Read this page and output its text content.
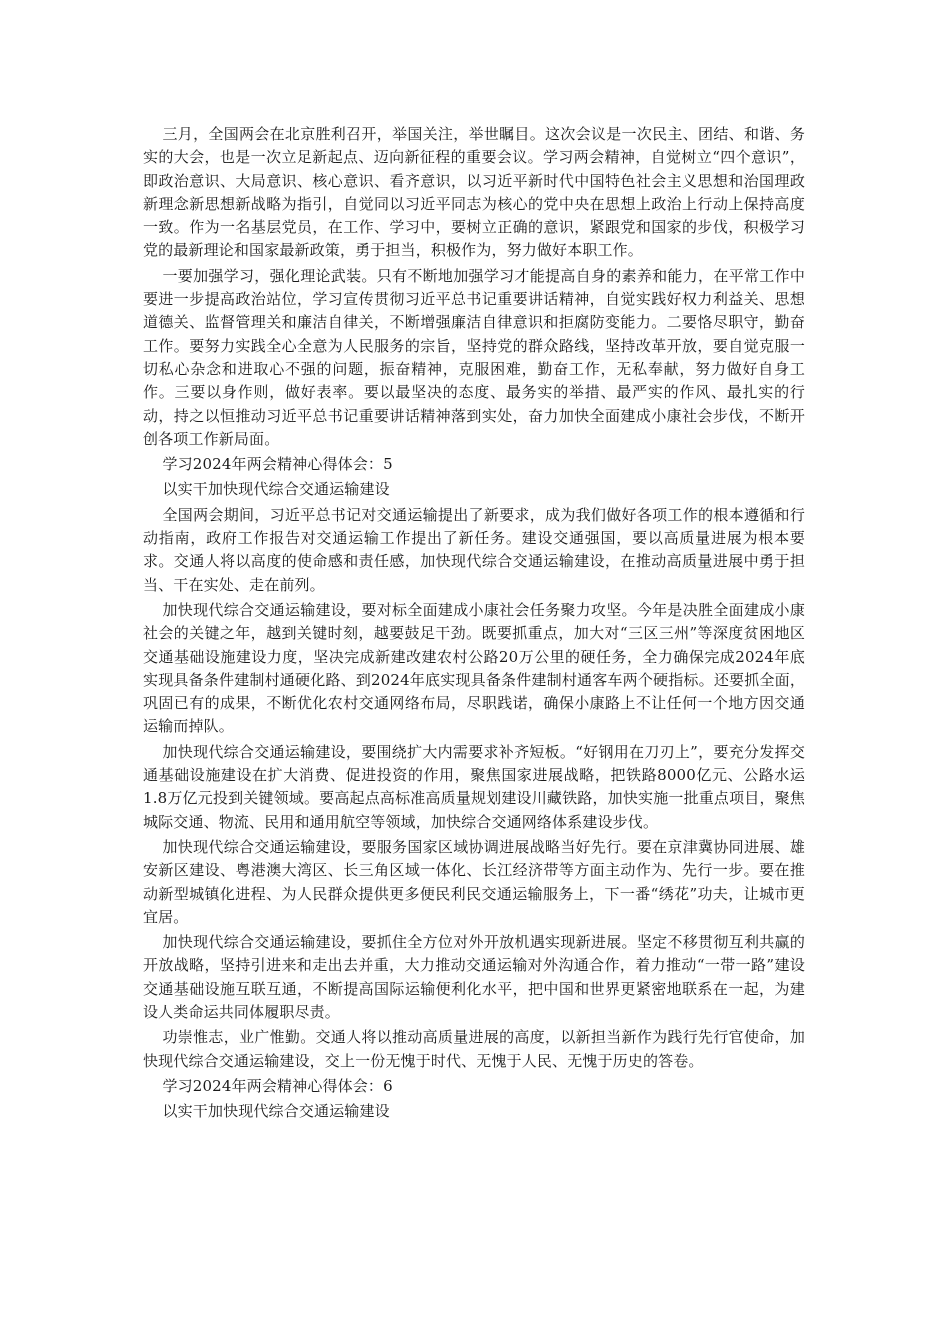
三月，全国两会在北京胜利召开，举国关注，举世瞩目。这次会议是一次民主、团结、和谐、务实的大会，也是一次立足新起点、迈向新征程的重要会议。学习两会精神，自觉树立“四个意识”，即政治意识、大局意识、核心意识、看齐意识，以习近平新时代中国特色社会主义思想和治国理政新理念新思想新战略为指引，自觉同以习近平同志为核心的党中央在思想上政治上行动上保持高度一致。作为一名基层党员，在工作、学习中，要树立正确的意识，紧跟党和国家的步伐，积极学习党的最新理论和国家最新政策，勇于担当，积极作为，努力做好本职工作。

一要加强学习，强化理论武装。只有不断地加强学习才能提高自身的素养和能力，在平常工作中要进一步提高政治站位，学习宣传贯彻习近平总书记重要讲话精神，自觉实践好权力利益关、思想道德关、监督管理关和廉洁自律关，不断增强廉洁自律意识和拒腐防变能力。二要恪尽职守，勤奋工作。要努力实践全心全意为人民服务的宗旨，坚持党的群众路线，坚持改革开放，要自觉克服一切私心杂念和进取心不强的问题，振奋精神，克服困难，勤奋工作，无私奉献，努力做好自身工作。三要以身作则，做好表率。要以最坚决的态度、最务实的举措、最严实的作风、最扎实的行动，持之以恒推动习近平总书记重要讲话精神落到实处，奋力加快全面建成小康社会步伐，不断开创各项工作新局面。

学习2024年两会精神心得体会：5

以实干加快现代综合交通运输建设

全国两会期间，习近平总书记对交通运输提出了新要求，成为我们做好各项工作的根本遵循和行动指南，政府工作报告对交通运输工作提出了新任务。建设交通强国，要以高质量进展为根本要求。交通人将以高度的使命感和责任感，加快现代综合交通运输建设，在推动高质量进展中勇于担当、干在实处、走在前列。

加快现代综合交通运输建设，要对标全面建成小康社会任务聚力攻坚。今年是决胜全面建成小康社会的关键之年，越到关键时刻，越要鼓足干劲。既要抓重点，加大对“三区三州”等深度贫困地区交通基础设施建设力度，坚决完成新建改建农村公路20万公里的硬任务，全力确保完成2024年底实现具备条件建制村通硬化路、到2024年底实现具备条件建制村通客车两个硬指标。还要抓全面，巩固已有的成果，不断优化农村交通网络布局，尽职践诺，确保小康路上不让任何一个地方因交通运输而掉队。

加快现代综合交通运输建设，要围绕扩大内需要求补齐短板。“好钢用在刀刃上”，要充分发挥交通基础设施建设在扩大消费、促进投资的作用，聚焦国家进展战略，把铁路8000亿元、公路水运1.8万亿元投到关键领域。要高起点高标准高质量规划建设川藏铁路，加快实施一批重点项目，聚焦城际交通、物流、民用和通用航空等领域，加快综合交通网络体系建设步伐。

加快现代综合交通运输建设，要服务国家区域协调进展战略当好先行。要在京津冀协同进展、雄安新区建设、粤港澳大湾区、长三角区域一体化、长江经济带等方面主动作为、先行一步。要在推动新型城镇化进程、为人民群众提供更多便民利民交通运输服务上，下一番“绣花”功夫，让城市更宜居。

加快现代综合交通运输建设，要抓住全方位对外开放机遇实现新进展。坚定不移贯彻互利共赢的开放战略，坚持引进来和走出去并重，大力推动交通运输对外沟通合作，着力推动“一带一路”建设交通基础设施互联互通，不断提高国际运输便利化水平，把中国和世界更紧密地联系在一起，为建设人类命运共同体履职尽责。

功崇惟志，业广惟勤。交通人将以推动高质量进展的高度，以新担当新作为践行先行官使命，加快现代综合交通运输建设，交上一份无愧于时代、无愧于人民、无愧于历史的答卷。

学习2024年两会精神心得体会：6

以实干加快现代综合交通运输建设
